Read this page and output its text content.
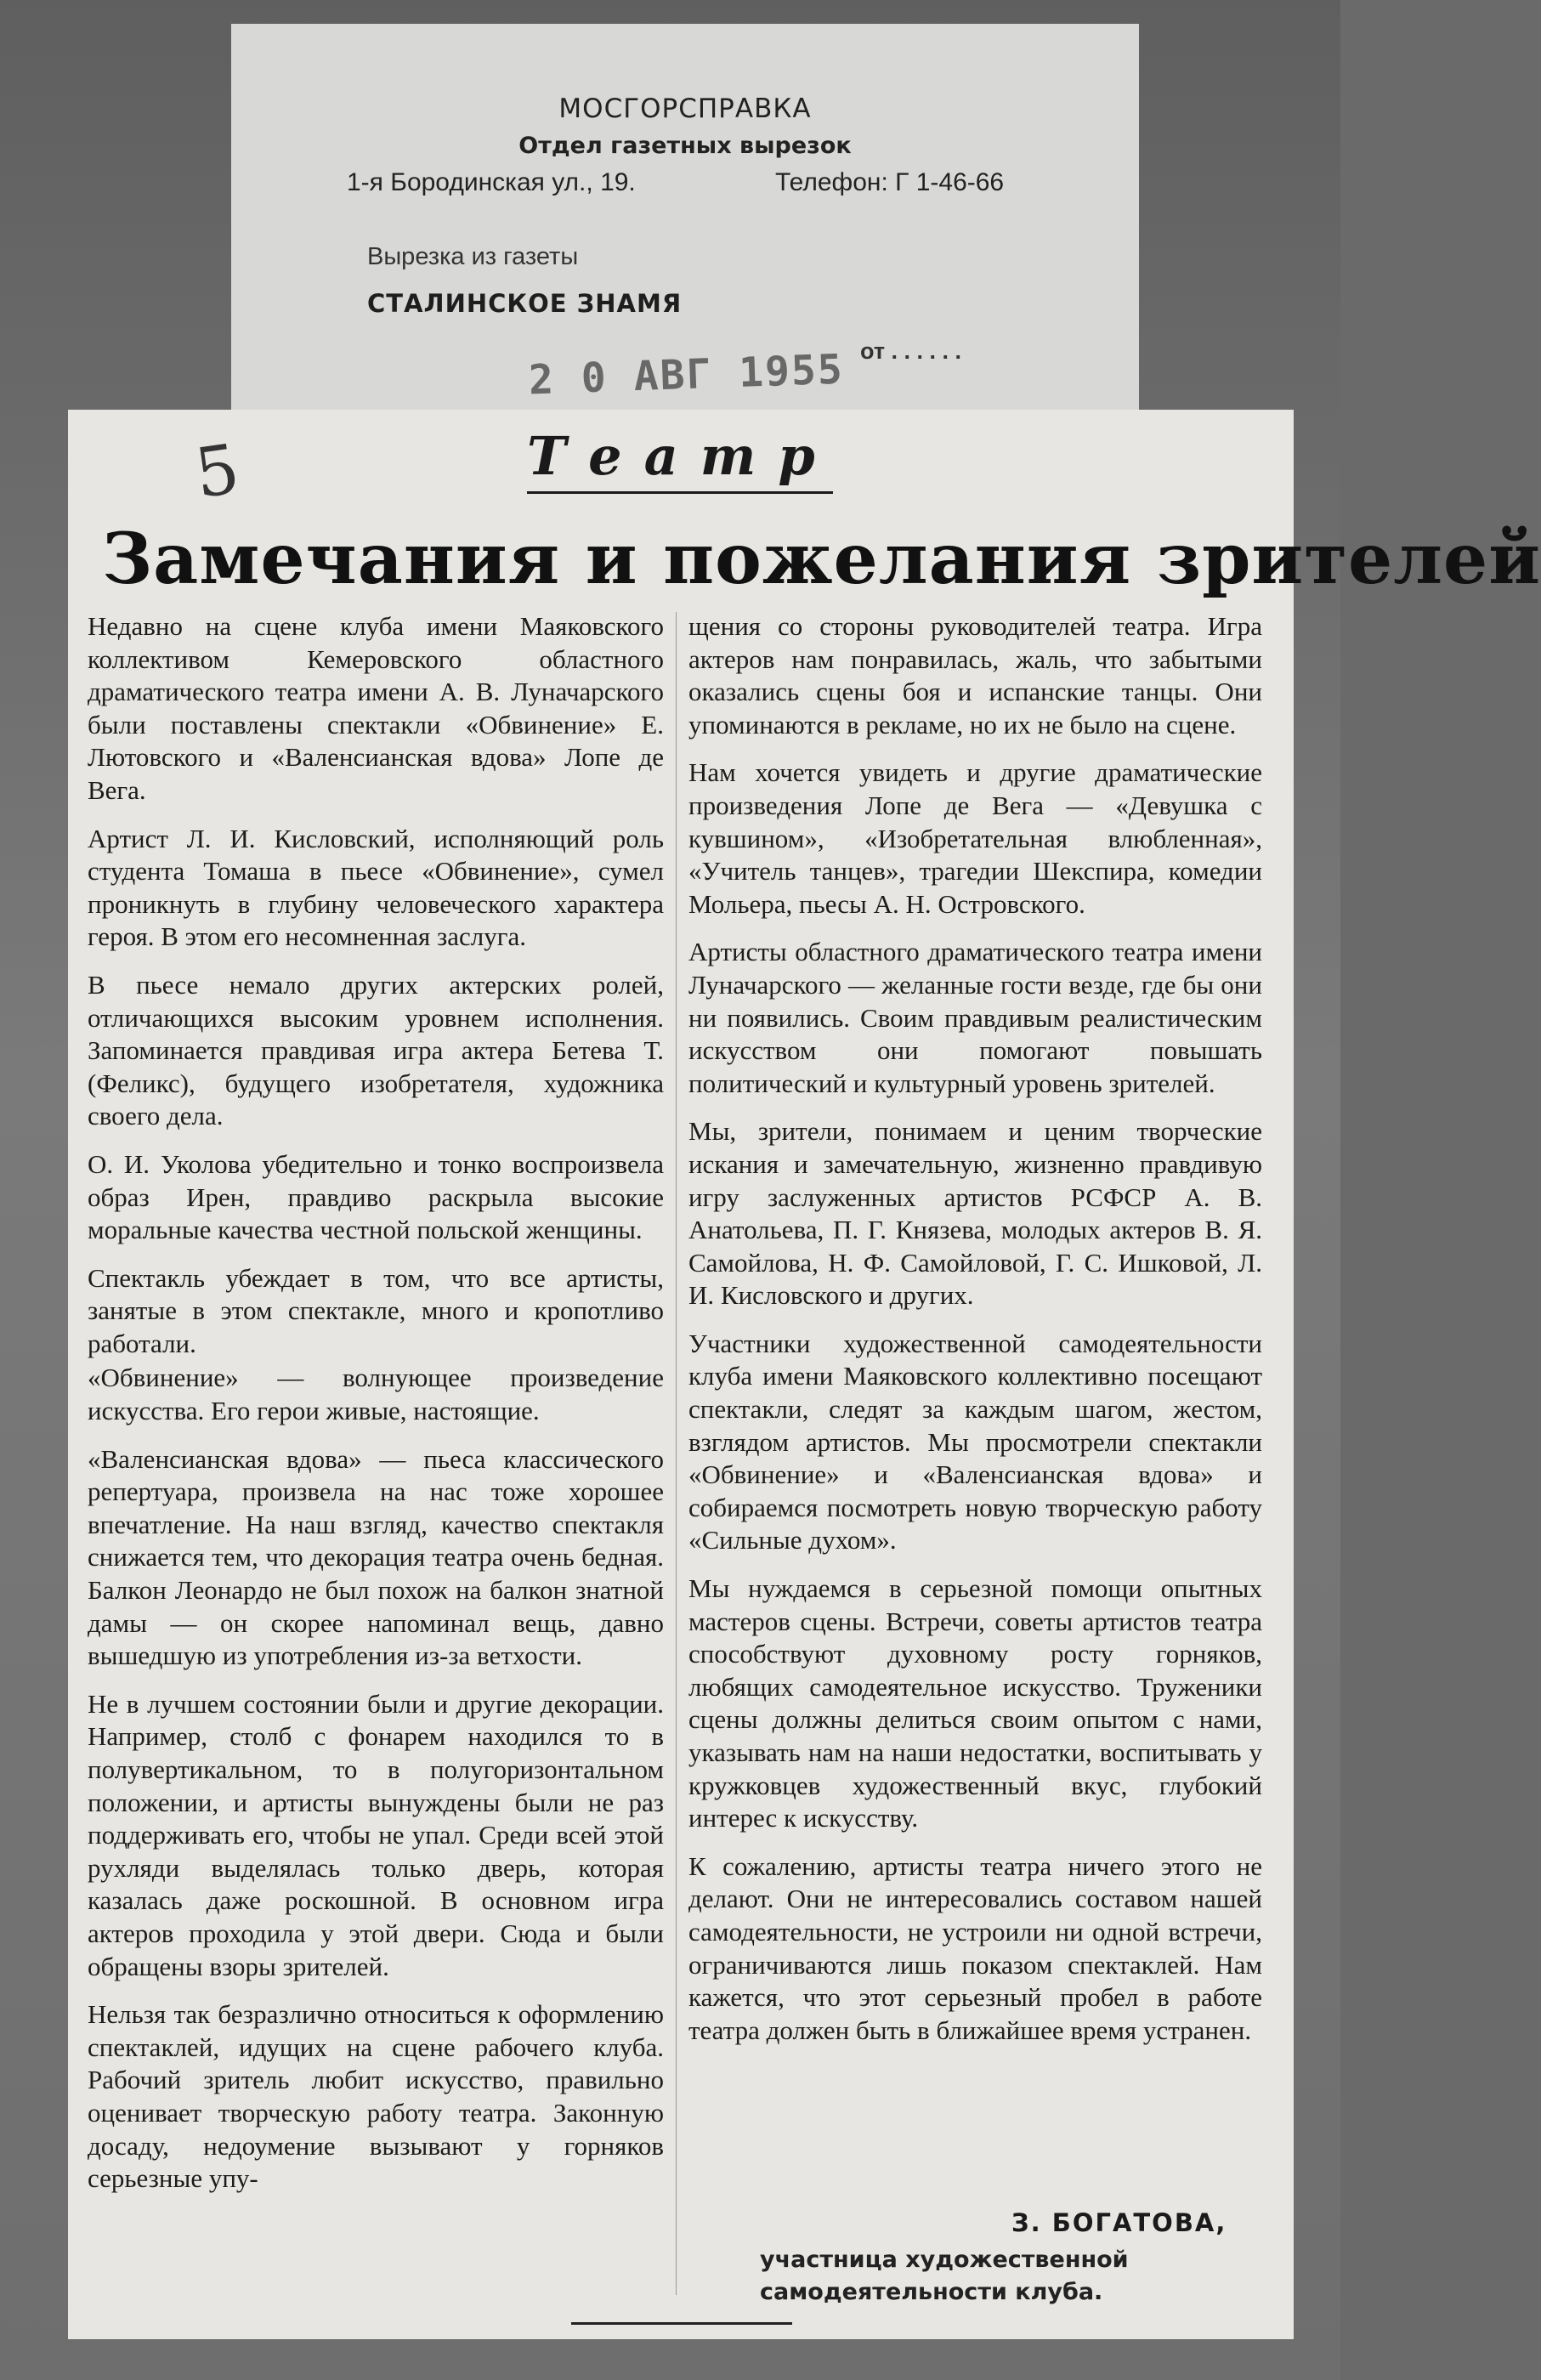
МОСГОРСПРАВКА
Отдел газетных вырезок
1-я Бородинская ул., 19.	Телефон: Г 1-46-66
Вырезка из газеты
СТАЛИНСКОЕ ЗНАМЯ
2 0 АВГ 1955 от . . . . . .
5	Театр
Замечания и пожелания зрителей

Недавно на сцене клуба имени Маяковского коллективом Кемеровского областного драматического театра имени А. В. Луначарского были поставлены спектакли «Обвинение» Е. Лютовского и «Валенсианская вдова» Лопе де Вега.

Артист Л. И. Кисловский, исполняющий роль студента Томаша в пьесе «Обвинение», сумел проникнуть в глубину человеческого характера героя. В этом его несомненная заслуга.

В пьесе немало других актерских ролей, отличающихся высоким уровнем исполнения. Запоминается правдивая игра актера Бетева Т. (Феликс), будущего изобретателя, художника своего дела.

О. И. Уколова убедительно и тонко воспроизвела образ Ирен, правдиво раскрыла высокие моральные качества честной польской женщины.

Спектакль убеждает в том, что все артисты, занятые в этом спектакле, много и кропотливо работали.

«Обвинение» — волнующее произведение искусства. Его герои живые, настоящие.

«Валенсианская вдова» — пьеса классического репертуара, произвела на нас тоже хорошее впечатление. На наш взгляд, качество спектакля снижается тем, что декорация театра очень бедная. Балкон Леонардо не был похож на балкон знатной дамы — он скорее напоминал вещь, давно вышедшую из употребления из-за ветхости.

Не в лучшем состоянии были и другие декорации. Например, столб с фонарем находился то в полувертикальном, то в полугоризонтальном положении, и артисты вынуждены были не раз поддерживать его, чтобы не упал. Среди всей этой рухляди выделялась только дверь, которая казалась даже роскошной. В основном игра актеров проходила у этой двери. Сюда и были обращены взоры зрителей.

Нельзя так безразлично относиться к оформлению спектаклей, идущих на сцене рабочего клуба. Рабочий зритель любит искусство, правильно оценивает творческую работу театра. Законную досаду, недоумение вызывают у горняков серьезные упу-

щения со стороны руководителей театра. Игра актеров нам понравилась, жаль, что забытыми оказались сцены боя и испанские танцы. Они упоминаются в рекламе, но их не было на сцене.

Нам хочется увидеть и другие драматические произведения Лопе де Вега — «Девушка с кувшином», «Изобретательная влюбленная», «Учитель танцев», трагедии Шекспира, комедии Мольера, пьесы А. Н. Островского.

Артисты областного драматического театра имени Луначарского — желанные гости везде, где бы они ни появились. Своим правдивым реалистическим искусством они помогают повышать политический и культурный уровень зрителей.

Мы, зрители, понимаем и ценим творческие искания и замечательную, жизненно правдивую игру заслуженных артистов РСФСР А. В. Анатольева, П. Г. Князева, молодых актеров В. Я. Самойлова, Н. Ф. Самойловой, Г. С. Ишковой, Л. И. Кисловского и других.

Участники художественной самодеятельности клуба имени Маяковского коллективно посещают спектакли, следят за каждым шагом, жестом, взглядом артистов. Мы просмотрели спектакли «Обвинение» и «Валенсианская вдова» и собираемся посмотреть новую творческую работу «Сильные духом».

Мы нуждаемся в серьезной помощи опытных мастеров сцены. Встречи, советы артистов театра способствуют духовному росту горняков, любящих самодеятельное искусство. Труженики сцены должны делиться своим опытом с нами, указывать нам на наши недостатки, воспитывать у кружковцев художественный вкус, глубокий интерес к искусству.

К сожалению, артисты театра ничего этого не делают. Они не интересовались составом нашей самодеятельности, не устроили ни одной встречи, ограничиваются лишь показом спектаклей. Нам кажется, что этот серьезный пробел в работе театра должен быть в ближайшее время устранен.

З. БОГАТОВА,
участница художественной самодеятельности клуба.
